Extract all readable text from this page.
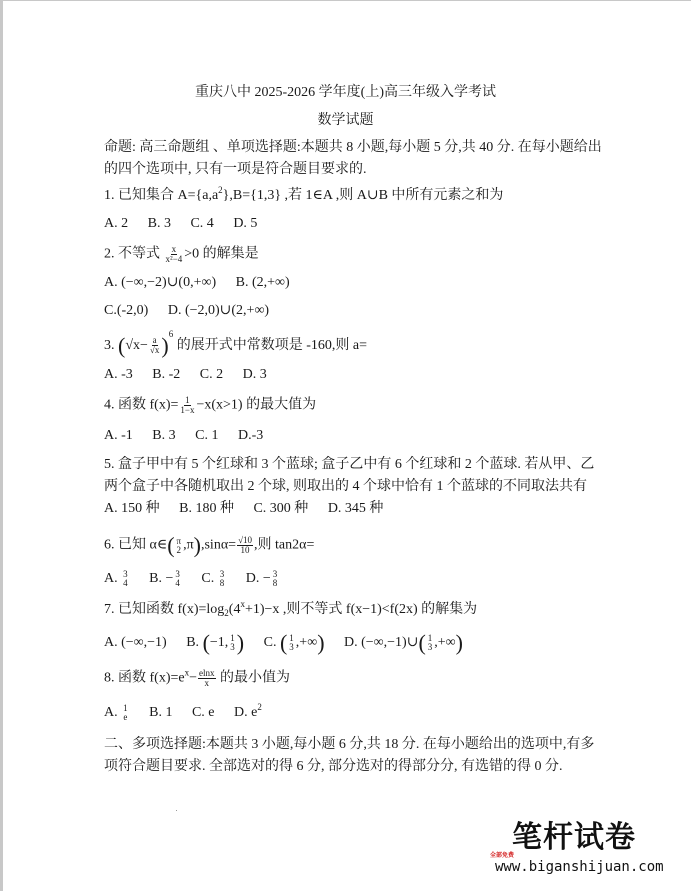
重庆八中 2025-2026 学年度(上)高三年级入学考试
数学试题
命题: 高三命题组 、单项选择题:本题共 8 小题,每小题 5 分,共 40 分. 在每小题给出
的四个选项中, 只有一项是符合题目要求的.
1. 已知集合 $A=\{a,a^2\},B=\{1,3\}$ ,若 1∈A ,则 A∪B 中所有元素之和为
A. 2 B. 3 C. 4 D. 5
2. 不等式 $\frac{x}{\text{x²−4}} >0$ 的解集是
A. (−∞,−2)∪(0,+∞) B. (2,+∞)
C.(-2,0) D. (−2,0)∪(2,+∞)
3. $(√x- \frac{a}{√x} )^6$ 的展开式中常数项是 -160,则 a=
A. -3 B. -2 C. 2 D. 3
4. 函数 $f(x)= \frac{1}{1-x} -x(x>1)$ 的最大值为
A. -1 B. 3 C. 1 D.-3
5. 盒子甲中有 5 个红球和 3 个蓝球; 盒子乙中有 6 个红球和 2 个蓝球. 若从甲、乙
两个盒子中各随机取出 2 个球, 则取出的 4 个球中恰有 1 个蓝球的不同取法共有
A. 150 种 B. 180 种 C. 300 种 D. 345 种
6. 已知 α∈( π
2 $,\pi),\sin\alpha= \frac{√10}{10}$ ,则 tan2α=
A. 3
4 B. − 3
4 C. 3
8 D. − 3
8
7. 已知函数 $f(x)=\log_2(4^x+1)-x$ ,则不等式 f(x−1)<f(2x) 的解集为
A. (−∞,−1) B. (−1, 1
3 ) C. ( 1
3 ,+∞) D. (−∞,−1)∪( 1
3 ,+∞)
8. 函数 $f(x)=e^x- \frac{elnx}{x}$ 的最小值为
A. 1
e B. 1 C. e D. $e^2$
二、多项选择题:本题共 3 小题,每小题 6 分,共 18 分. 在每小题给出的选项中,有多
项符合题目要求. 全部选对的得 6 分, 部分选对的得部分分, 有选错的得 0 分.
笔杆试卷
全部免费
www.biganshijuan.com
